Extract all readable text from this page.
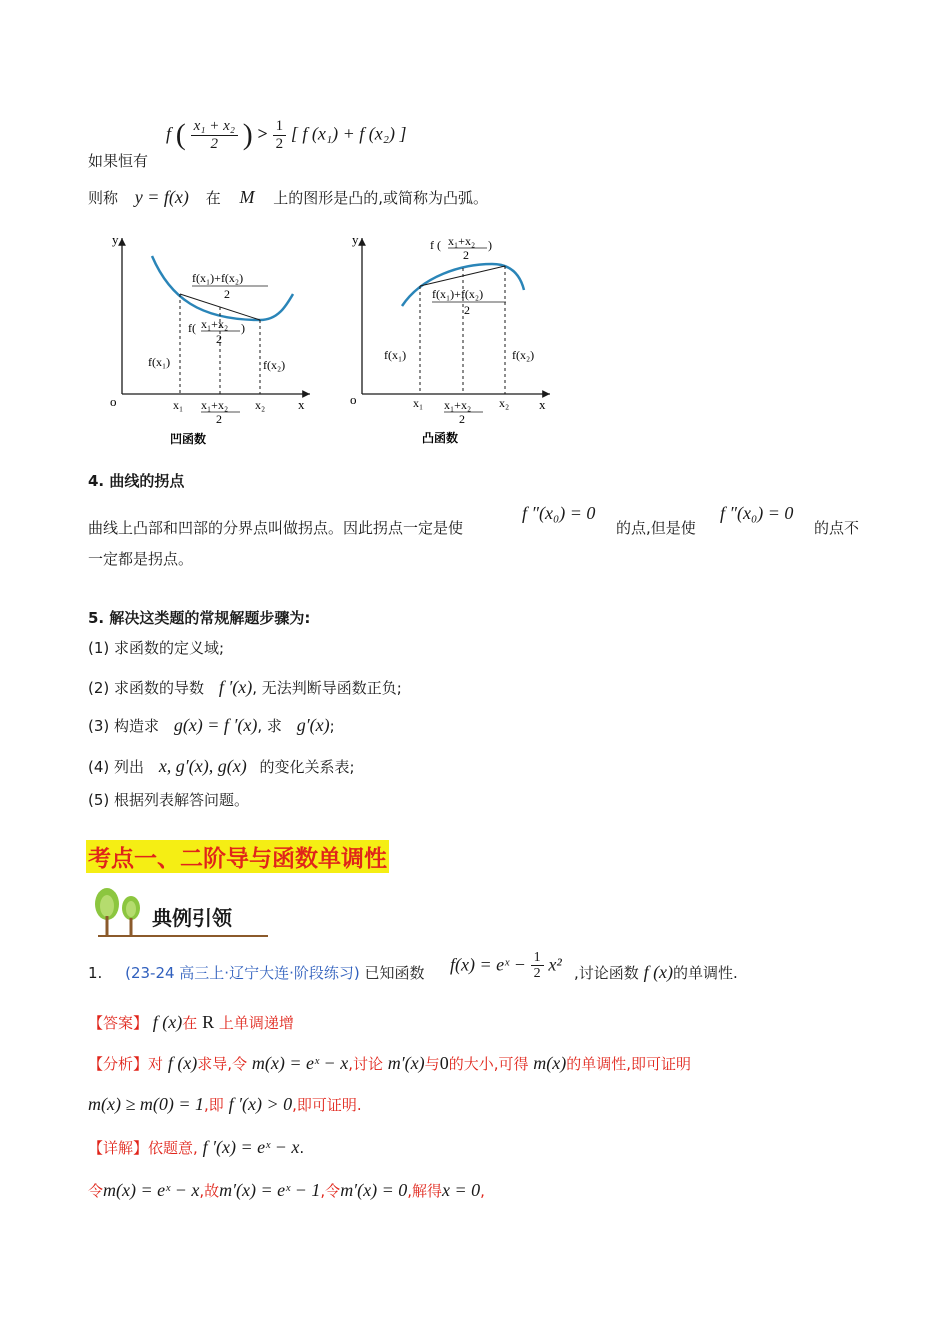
f ( $\frac{\text{x₁ + x₂}}{2}$ ) > $\frac{1}{2}$ [ f (x₁) + f (x₂) ]
如果恒有
则称 y = f(x) 在 M 上的图形是凸的,或简称为凸弧。
y
x
o
f(x₁)+f(x₂)
2
f( x₁+x₂
2
)
f(x₁)	f(x₂)
x₁ x₁+x₂
2
x₂
凹函数
y
x
o
f ( x₁+x₂
2
)
f(x₁)+f(x₂)
2
f(x₁)	f(x₂)
x₁ x₁+x₂
2
x₂
凸函数
4. 曲线的拐点
曲线上凸部和凹部的分界点叫做拐点。因此拐点一定是使
f ″(x₀) = 0
的点,但是使
f ″(x₀) = 0
的点不
一定都是拐点。
5. 解决这类题的常规解题步骤为:
(1) 求函数的定义域;
(2) 求函数的导数 f ′(x), 无法判断导函数正负;
(3) 构造求 g(x) = f ′(x), 求 g′(x);
(4) 列出 x, g′(x), g(x) 的变化关系表;
(5) 根据列表解答问题。
考点一、二阶导与函数单调性
典例引领
1. (23-24 高三上·辽宁大连·阶段练习) 已知函数 f(x) = eˣ − $\frac{1}{2} x^2$ ,讨论函数 f (x)的单调性.
【答案】 f (x)在 R 上单调递增
【分析】对 f (x)求导,令 m(x) = eˣ − x,讨论 m′(x)与0的大小,可得 m(x)的单调性,即可证明
m(x) ≥ m(0) = 1,即 f ′(x) > 0,即可证明.
【详解】依题意, f ′(x) = eˣ − x.
令m(x) = eˣ − x,故m′(x) = eˣ − 1,令m′(x) = 0,解得x = 0,
